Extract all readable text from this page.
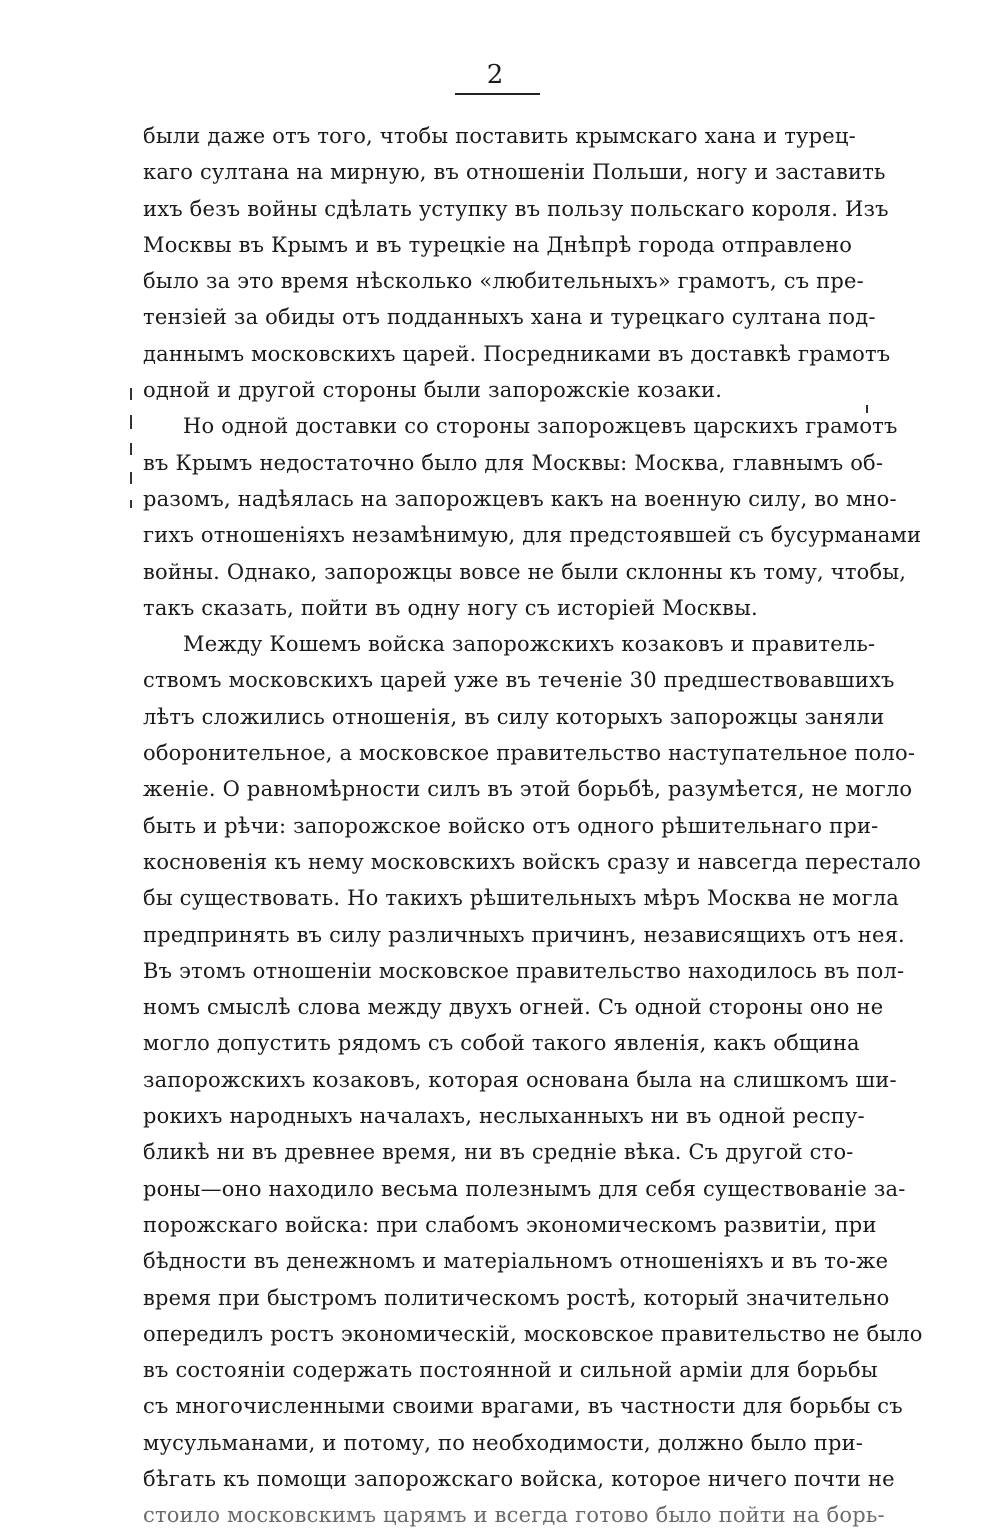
2
были даже отъ того, чтобы поставить крымскаго хана и турец-
каго султана на мирную, въ отношенiи Польши, ногу и заставить
ихъ безъ войны сдѣлать уступку въ пользу польскаго короля. Изъ
Москвы въ Крымъ и въ турецкiе на Днѣпрѣ города отправлено
было за это время нѣсколько «любительныхъ» грамотъ, съ пре-
тензiей за обиды отъ подданныхъ хана и турецкаго султана под-
даннымъ московскихъ царей. Посредниками въ доставкѣ грамотъ
одной и другой стороны были запорожскiе козаки.
Но одной доставки со стороны запорожцевъ царскихъ грамотъ
въ Крымъ недостаточно было для Москвы: Москва, главнымъ об-
разомъ, надѣялась на запорожцевъ какъ на военную силу, во мно-
гихъ отношенiяхъ незамѣнимую, для предстоявшей съ бусурманами
войны. Однако, запорожцы вовсе не были склонны къ тому, чтобы,
такъ сказать, пойти въ одну ногу съ исторiей Москвы.
Между Кошемъ войска запорожскихъ козаковъ и правитель-
ствомъ московскихъ царей уже въ теченiе 30 предшествовавшихъ
лѣтъ сложились отношенiя, въ силу которыхъ запорожцы заняли
оборонительное, а московское правительство наступательное поло-
женiе. О равномѣрности силъ въ этой борьбѣ, разумѣется, не могло
быть и рѣчи: запорожское войско отъ одного рѣшительнаго при-
косновенiя къ нему московскихъ войскъ сразу и навсегда перестало
бы существовать. Но такихъ рѣшительныхъ мѣръ Москва не могла
предпринять въ силу различныхъ причинъ, независящихъ отъ нея.
Въ этомъ отношенiи московское правительство находилось въ пол-
номъ смыслѣ слова между двухъ огней. Съ одной стороны оно не
могло допустить рядомъ съ собой такого явленiя, какъ община
запорожскихъ козаковъ, которая основана была на слишкомъ ши-
рокихъ народныхъ началахъ, неслыханныхъ ни въ одной респу-
бликѣ ни въ древнее время, ни въ среднiе вѣка. Съ другой сто-
роны—оно находило весьма полезнымъ для себя существованiе за-
порожскаго войска: при слабомъ экономическомъ развитiи, при
бѣдности въ денежномъ и матерiальномъ отношенiяхъ и въ то-же
время при быстромъ политическомъ ростѣ, который значительно
опередилъ ростъ экономическiй, московское правительство не было
въ состоянiи содержать постоянной и сильной армiи для борьбы
съ многочисленными своими врагами, въ частности для борьбы съ
мусульманами, и потому, по необходимости, должно было при-
бѣгать къ помощи запорожскаго войска, которое ничего почти не
стоило московскимъ царямъ и всегда готово было пойти на борь-
